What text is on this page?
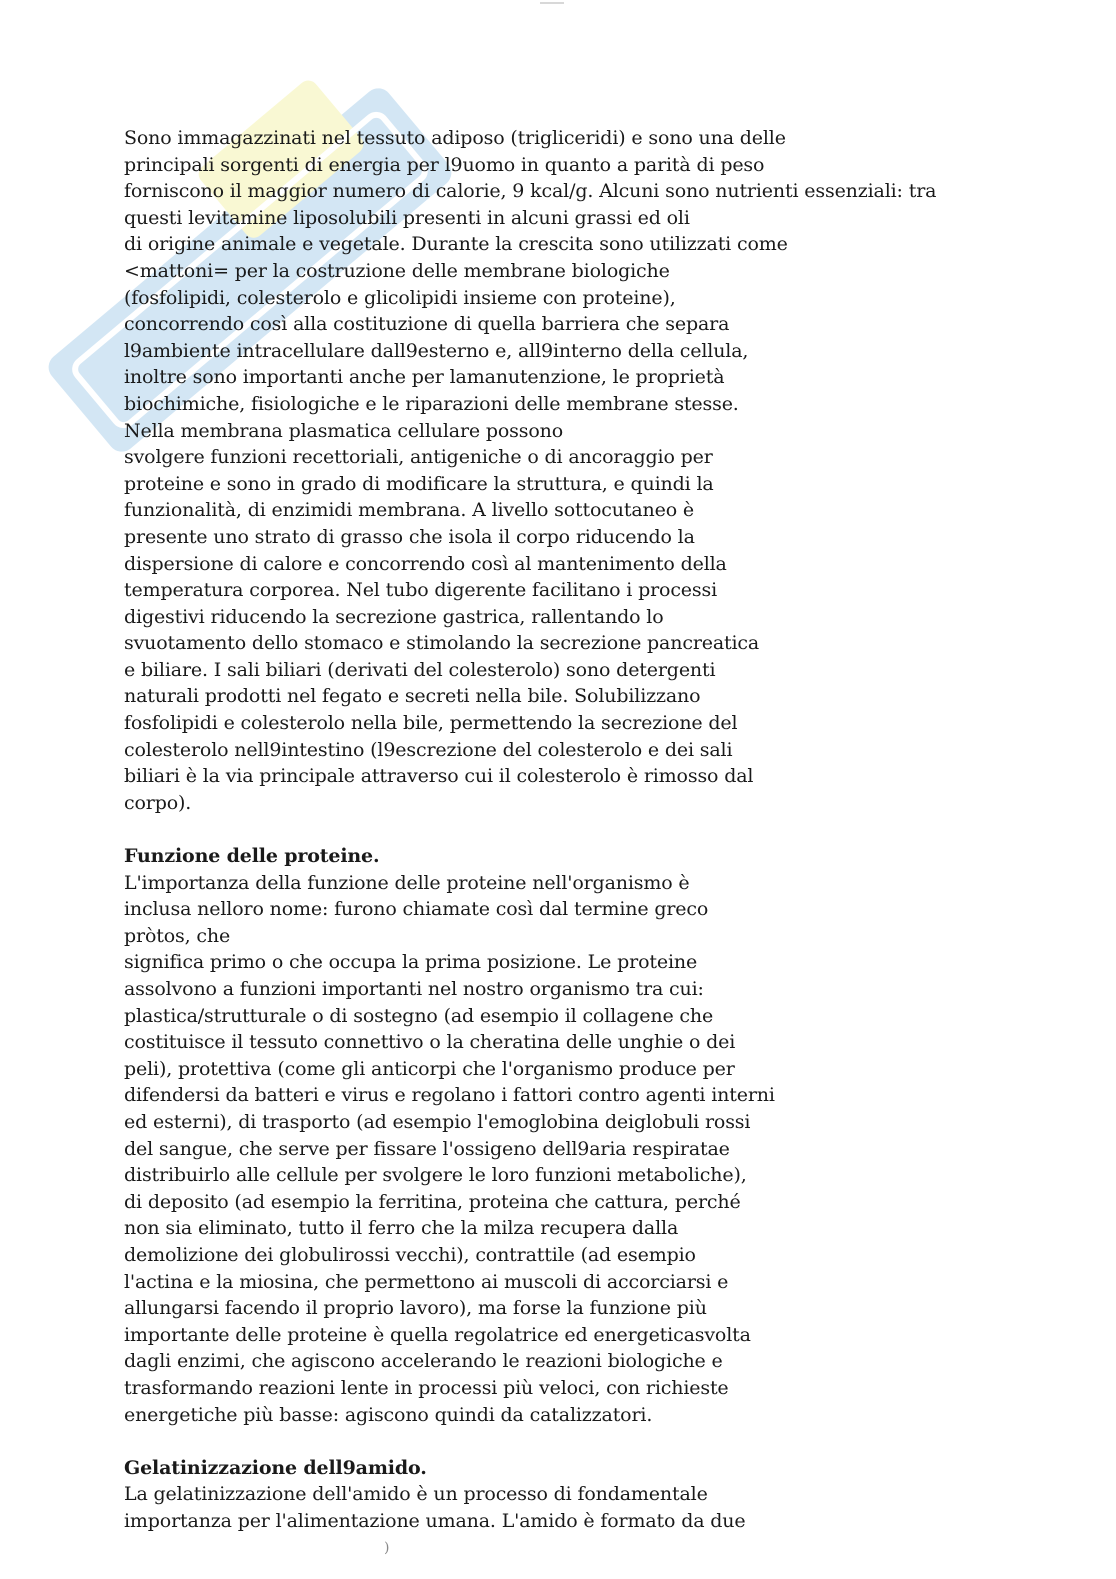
Sono immagazzinati nel tessuto adiposo (trigliceridi) e sono una delle
principali sorgenti di energia per l9uomo in quanto a parità di peso
forniscono il maggior numero di calorie, 9 kcal/g. Alcuni sono nutrienti essenziali: tra
questi levitamine liposolubili presenti in alcuni grassi ed oli
di origine animale e vegetale. Durante la crescita sono utilizzati come
<mattoni= per la costruzione delle membrane biologiche
(fosfolipidi, colesterolo e glicolipidi insieme con proteine),
concorrendo così alla costituzione di quella barriera che separa
l9ambiente intracellulare dall9esterno e, all9interno della cellula,
inoltre sono importanti anche per lamanutenzione, le proprietà
biochimiche, fisiologiche e le riparazioni delle membrane stesse.
Nella membrana plasmatica cellulare possono
svolgere funzioni recettoriali, antigeniche o di ancoraggio per
proteine e sono in grado di modificare la struttura, e quindi la
funzionalità, di enzimidi membrana. A livello sottocutaneo è
presente uno strato di grasso che isola il corpo riducendo la
dispersione di calore e concorrendo così al mantenimento della
temperatura corporea. Nel tubo digerente facilitano i processi
digestivi riducendo la secrezione gastrica, rallentando lo
svuotamento dello stomaco e stimolando la secrezione pancreatica
e biliare. I sali biliari (derivati del colesterolo) sono detergenti
naturali prodotti nel fegato e secreti nella bile. Solubilizzano
fosfolipidi e colesterolo nella bile, permettendo la secrezione del
colesterolo nell9intestino (l9escrezione del colesterolo e dei sali
biliari è la via principale attraverso cui il colesterolo è rimosso dal
corpo).
Funzione delle proteine.
L'importanza della funzione delle proteine nell'organismo è
inclusa nelloro nome: furono chiamate così dal termine greco
pròtos, che
significa primo o che occupa la prima posizione. Le proteine
assolvono a funzioni importanti nel nostro organismo tra cui:
plastica/strutturale o di sostegno (ad esempio il collagene che
costituisce il tessuto connettivo o la cheratina delle unghie o dei
peli), protettiva (come gli anticorpi che l'organismo produce per
difendersi da batteri e virus e regolano i fattori contro agenti interni
ed esterni), di trasporto (ad esempio l'emoglobina deiglobuli rossi
del sangue, che serve per fissare l'ossigeno dell9aria respiratae
distribuirlo alle cellule per svolgere le loro funzioni metaboliche),
di deposito (ad esempio la ferritina, proteina che cattura, perché
non sia eliminato, tutto il ferro che la milza recupera dalla
demolizione dei globulirossi vecchi), contrattile (ad esempio
l'actina e la miosina, che permettono ai muscoli di accorciarsi e
allungarsi facendo il proprio lavoro), ma forse la funzione più
importante delle proteine è quella regolatrice ed energeticasvolta
dagli enzimi, che agiscono accelerando le reazioni biologiche e
trasformando reazioni lente in processi più veloci, con richieste
energetiche più basse: agiscono quindi da catalizzatori.
Gelatinizzazione dell9amido.
La gelatinizzazione dell'amido è un processo di fondamentale
importanza per l'alimentazione umana. L'amido è formato da due
)
